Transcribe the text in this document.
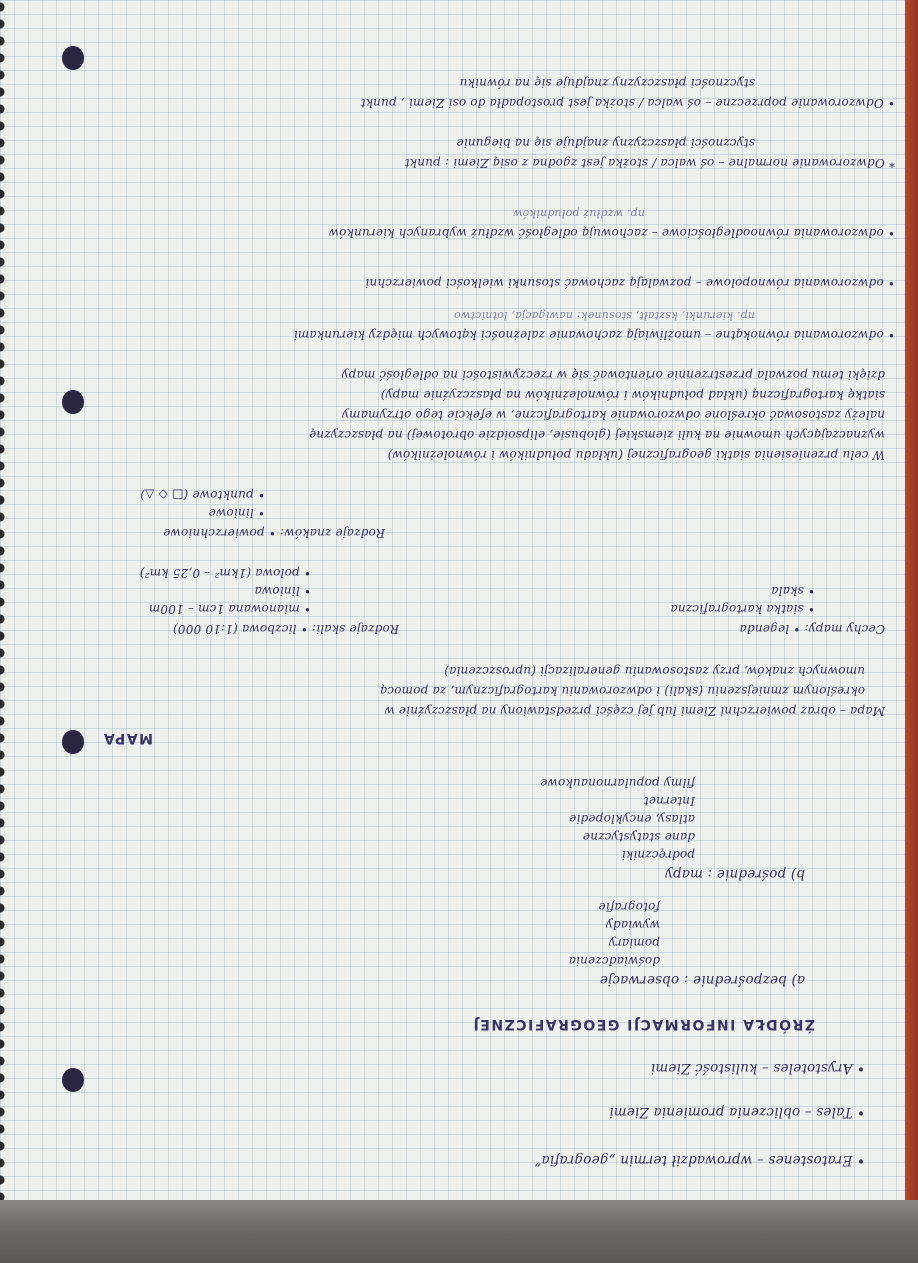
• Eratostenes – wprowadził termin „geografia”

• Tales – obliczenia promienia Ziemi

• Arystoteles – kulistość Ziemi

ŹRÓDŁA INFORMACJI GEOGRAFICZNEJ

a) bezpośrednie : obserwacje

doświadczenia

pomiary

wywiady

fotografie

b) pośrednie : mapy

podręczniki

dane statystyczne

atlasy, encyklopedie

Internet

filmy popularnonaukowe

MAPA

Mapa – obraz powierzchni Ziemi lub jej części przedstawiony na płaszczyźnie w

określonym zmniejszeniu (skali) i odwzorowaniu kartograficznym, za pomocą

umownych znaków, przy zastosowaniu generalizacji (uproszczenia)

Cechy mapy: • legenda

• siatka kartograficzna

• skala

Rodzaje skali: • liczbowa (1:10 000)

• mianowana 1cm – 100m

• liniowa

• polowa (1km² – 0,25 km²)

Rodzaje znaków: • powierzchniowe

• liniowe

• punktowe (□ ◇ △)

W celu przeniesienia siatki geograficznej (układu południków i równoleżników)

wyznaczających umownie na kuli ziemskiej (globusie, elipsoidzie obrotowej) na płaszczyznę

należy zastosować określone odwzorowanie kartograficzne, w efekcie tego otrzymamy

siatkę kartograficzną (układ południków i równoleżników na płaszczyźnie mapy)

dzięki temu pozwala przestrzennie orientować się w rzeczywistości na odległość mapy

• odwzorowania równokątne – umożliwiają zachowanie zależności kątowych między kierunkami

np. kierunki, kształt, stosunek: nawigacja, lotnictwo

• odwzorowania równopolowe – pozwalają zachować stosunki wielkości powierzchni

• odwzorowania równoodległościowe – zachowują odległość wzdłuż wybranych kierunków

np. wzdłuż południków

* Odwzorowanie normalne – oś walca / stożka jest zgodna z osią Ziemi : punkt

styczności płaszczyzny znajduje się na biegunie

• Odwzorowanie poprzeczne – oś walca / stożka jest prostopadła do osi Ziemi , punkt

styczności płaszczyzny znajduje się na równiku
